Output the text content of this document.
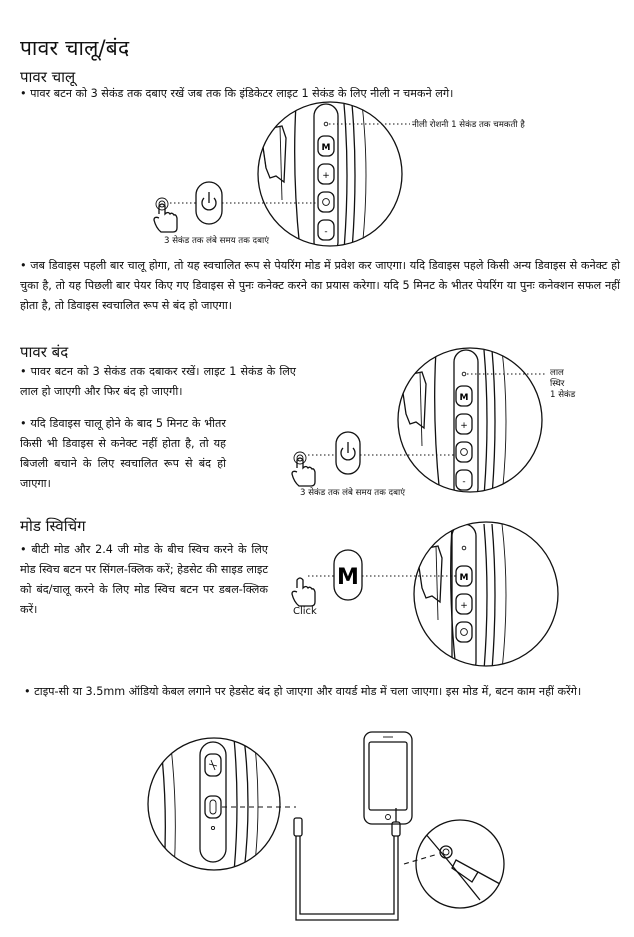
पावर चालू/बंद
पावर चालू
• पावर बटन को 3 सेकंड तक दबाए रखें जब तक कि इंडिकेटर लाइट 1 सेकंड के लिए नीली न चमकने लगे।
M
+
-
नीली रोशनी 1 सेकंड तक चमकती है
3 सेकंड तक लंबे समय तक दबाएं
• जब डिवाइस पहली बार चालू होगा, तो यह स्वचालित रूप से पेयरिंग मोड में प्रवेश कर जाएगा। यदि डिवाइस पहले किसी अन्य डिवाइस से कनेक्ट हो चुका है, तो यह पिछली बार पेयर किए गए डिवाइस से पुनः कनेक्ट करने का प्रयास करेगा। यदि 5 मिनट के भीतर पेयरिंग या पुनः कनेक्शन सफल नहीं होता है, तो डिवाइस स्वचालित रूप से बंद हो जाएगा।
पावर बंद
• पावर बटन को 3 सेकंड तक दबाकर रखें। लाइट 1 सेकंड के लिए लाल हो जाएगी और फिर बंद हो जाएगी।
• यदि डिवाइस चालू होने के बाद 5 मिनट के भीतर किसी भी डिवाइस से कनेक्ट नहीं होता है, तो यह बिजली बचाने के लिए स्वचालित रूप से बंद हो जाएगा।
M
+
-
लाल
स्थिर
1 सेकंड
3 सेकंड तक लंबे समय तक दबाएं
मोड स्विचिंग
• बीटी मोड और 2.4 जी मोड के बीच स्विच करने के लिए मोड स्विच बटन पर सिंगल-क्लिक करें; हेडसेट की साइड लाइट को बंद/चालू करने के लिए मोड स्विच बटन पर डबल-क्लिक करें।
M
+
M
Click
• टाइप-सी या 3.5mm ऑडियो केबल लगाने पर हेडसेट बंद हो जाएगा और वायर्ड मोड में चला जाएगा। इस मोड में, बटन काम नहीं करेंगे।
